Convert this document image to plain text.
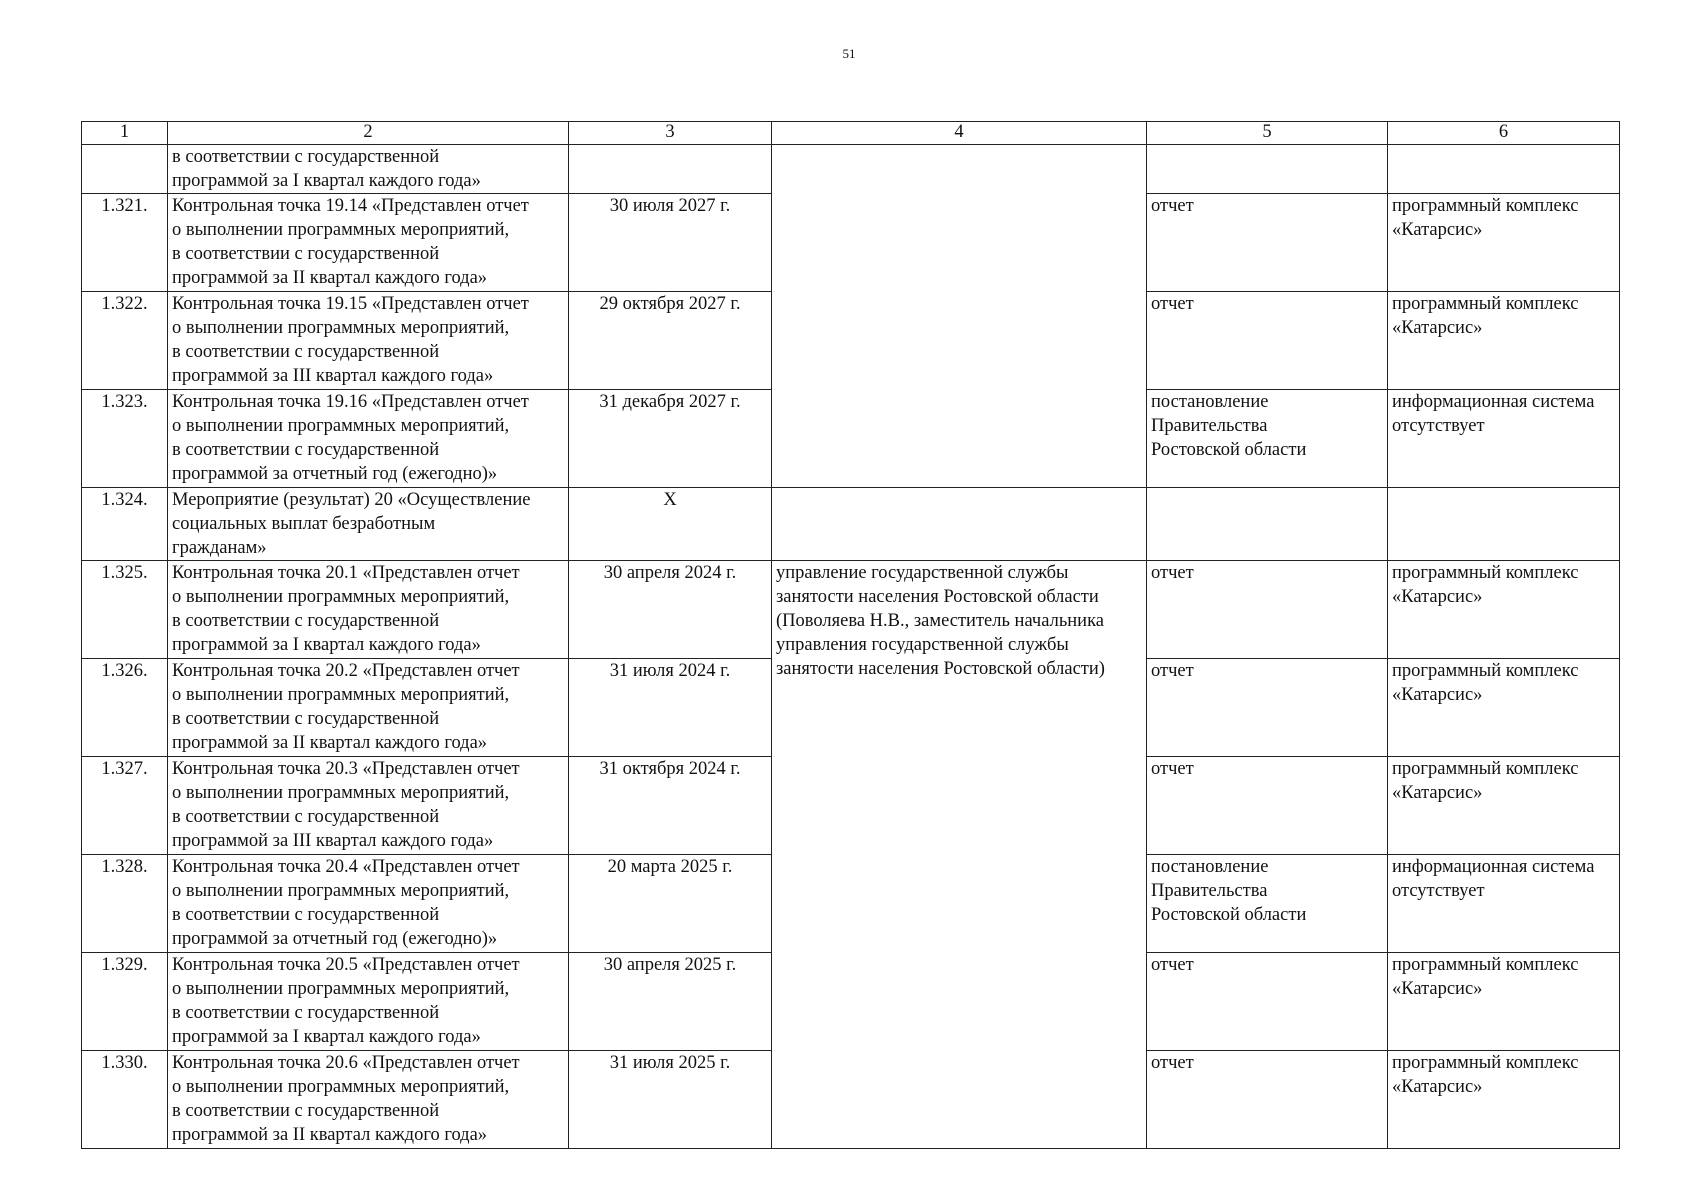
51
1	2	3	4	5	6
	в соответствии с государственной
программой за I квартал каждого года»				
1.321.	Контрольная точка 19.14 «Представлен отчет
о выполнении программных мероприятий,
в соответствии с государственной
программой за II квартал каждого года»	30 июля 2027 г.		отчет	программный комплекс
«Катарсис»
1.322.	Контрольная точка 19.15 «Представлен отчет
о выполнении программных мероприятий,
в соответствии с государственной
программой за III квартал каждого года»	29 октября 2027 г.		отчет	программный комплекс
«Катарсис»
1.323.	Контрольная точка 19.16 «Представлен отчет
о выполнении программных мероприятий,
в соответствии с государственной
программой за отчетный год (ежегодно)»	31 декабря 2027 г.		постановление
Правительства
Ростовской области	информационная система
отсутствует
1.324.	Мероприятие (результат) 20 «Осуществление
социальных выплат безработным
гражданам»	X			
1.325.	Контрольная точка 20.1 «Представлен отчет
о выполнении программных мероприятий,
в соответствии с государственной
программой за I квартал каждого года»	30 апреля 2024 г.	управление государственной службы
занятости населения Ростовской области
(Поволяева Н.В., заместитель начальника
управления государственной службы
занятости населения Ростовской области)	отчет	программный комплекс
«Катарсис»
1.326.	Контрольная точка 20.2 «Представлен отчет
о выполнении программных мероприятий,
в соответствии с государственной
программой за II квартал каждого года»	31 июля 2024 г.		отчет	программный комплекс
«Катарсис»
1.327.	Контрольная точка 20.3 «Представлен отчет
о выполнении программных мероприятий,
в соответствии с государственной
программой за III квартал каждого года»	31 октября 2024 г.		отчет	программный комплекс
«Катарсис»
1.328.	Контрольная точка 20.4 «Представлен отчет
о выполнении программных мероприятий,
в соответствии с государственной
программой за отчетный год (ежегодно)»	20 марта 2025 г.		постановление
Правительства
Ростовской области	информационная система
отсутствует
1.329.	Контрольная точка 20.5 «Представлен отчет
о выполнении программных мероприятий,
в соответствии с государственной
программой за I квартал каждого года»	30 апреля 2025 г.		отчет	программный комплекс
«Катарсис»
1.330.	Контрольная точка 20.6 «Представлен отчет
о выполнении программных мероприятий,
в соответствии с государственной
программой за II квартал каждого года»	31 июля 2025 г.		отчет	программный комплекс
«Катарсис»
